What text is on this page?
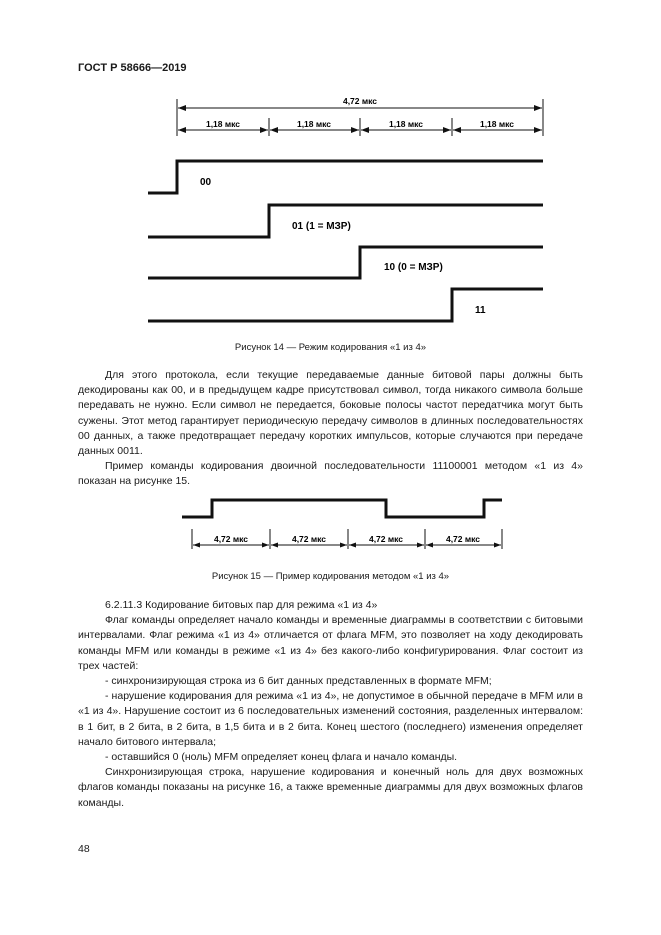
ГОСТ Р 58666—2019
4,72 мкс
1,18 мкс	1,18 мкс	1,18 мкс	1,18 мкс
00
01 (1 = МЗР)
10 (0 = МЗР)
11
Рисунок 14 — Режим кодирования «1 из 4»

Для этого протокола, если текущие передаваемые данные битовой пары должны быть декодированы как 00, и в предыдущем кадре присутствовал символ, тогда никакого символа больше передавать не нужно. Если символ не передается, боковые полосы частот передатчика могут быть сужены. Этот метод гарантирует периодическую передачу символов в длинных последовательностях 00 данных, а также предотвращает передачу коротких импульсов, которые случаются при передаче данных 0011.

Пример команды кодирования двоичной последовательности 11100001 методом «1 из 4» показан на рисунке 15.

4,72 мкс	4,72 мкс	4,72 мкс	4,72 мкс
Рисунок 15 — Пример кодирования методом «1 из 4»

6.2.11.3 Кодирование битовых пар для режима «1 из 4»

Флаг команды определяет начало команды и временные диаграммы в соответствии с битовыми интервалами. Флаг режима «1 из 4» отличается от флага MFM, это позволяет на ходу декодировать команды MFM или команды в режиме «1 из 4» без какого-либо конфигурирования. Флаг состоит из трех частей:

- синхронизирующая строка из 6 бит данных представленных в формате MFM;

- нарушение кодирования для режима «1 из 4», не допустимое в обычной передаче в MFM или в «1 из 4». Нарушение состоит из 6 последовательных изменений состояния, разделенных интервалом: в 1 бит, в 2 бита, в 2 бита, в 1,5 бита и в 2 бита. Конец шестого (последнего) изменения определяет начало битового интервала;

- оставшийся 0 (ноль) MFM определяет конец флага и начало команды.

Синхронизирующая строка, нарушение кодирования и конечный ноль для двух возможных флагов команды показаны на рисунке 16, а также временные диаграммы для двух возможных флагов команды.

48
